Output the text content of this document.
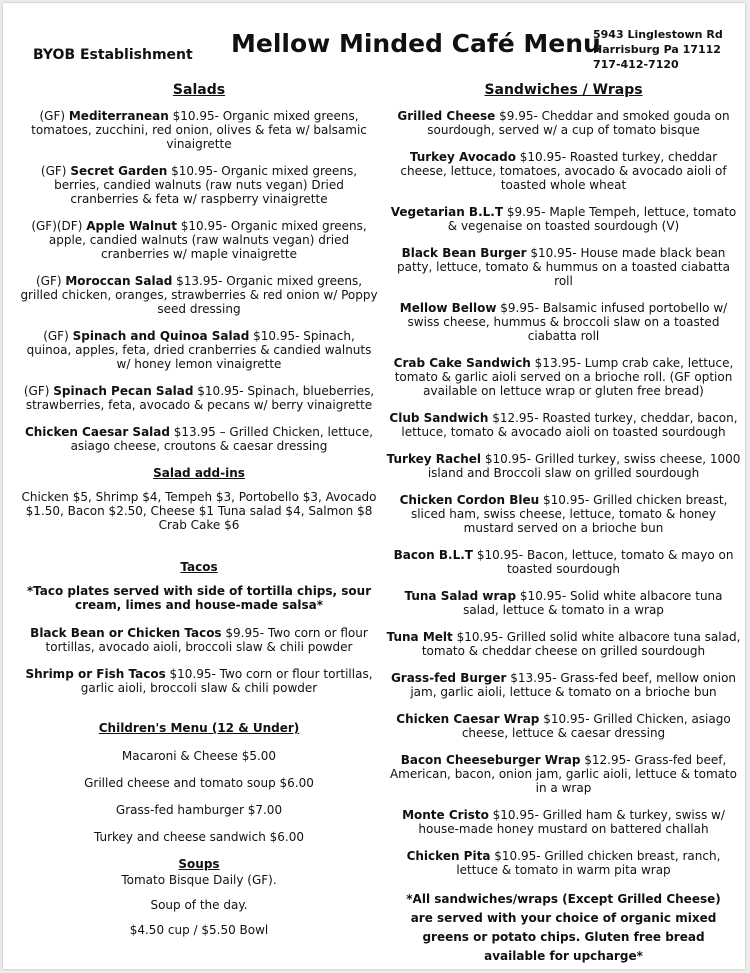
BYOB Establishment Mellow Minded Café Menu
5943 Linglestown Rd
Harrisburg Pa 17112
717-412-7120
Salads
(GF) Mediterranean $10.95- Organic mixed greens, tomatoes, zucchini, red onion, olives & feta w/ balsamic vinaigrette
(GF) Secret Garden $10.95- Organic mixed greens, berries, candied walnuts (raw nuts vegan) Dried cranberries & feta w/ raspberry vinaigrette
(GF)(DF) Apple Walnut $10.95- Organic mixed greens, apple, candied walnuts (raw walnuts vegan) dried cranberries w/ maple vinaigrette
(GF) Moroccan Salad $13.95- Organic mixed greens, grilled chicken, oranges, strawberries & red onion w/ Poppy seed dressing
(GF) Spinach and Quinoa Salad $10.95- Spinach, quinoa, apples, feta, dried cranberries & candied walnuts w/ honey lemon vinaigrette
(GF) Spinach Pecan Salad $10.95- Spinach, blueberries, strawberries, feta, avocado & pecans w/ berry vinaigrette
Chicken Caesar Salad $13.95 – Grilled Chicken, lettuce, asiago cheese, croutons & caesar dressing
Salad add-ins
Chicken $5, Shrimp $4, Tempeh $3, Portobello $3, Avocado $1.50, Bacon $2.50, Cheese $1 Tuna salad $4, Salmon $8 Crab Cake $6
Tacos
*Taco plates served with side of tortilla chips, sour cream, limes and house-made salsa*
Black Bean or Chicken Tacos $9.95- Two corn or flour tortillas, avocado aioli, broccoli slaw & chili powder
Shrimp or Fish Tacos $10.95- Two corn or flour tortillas, garlic aioli, broccoli slaw & chili powder
Children's Menu (12 & Under)
Macaroni & Cheese $5.00
Grilled cheese and tomato soup $6.00
Grass-fed hamburger $7.00
Turkey and cheese sandwich $6.00
Soups
Tomato Bisque Daily (GF).
Soup of the day.
$4.50 cup / $5.50 Bowl
Sandwiches / Wraps
Grilled Cheese $9.95- Cheddar and smoked gouda on sourdough, served w/ a cup of tomato bisque
Turkey Avocado $10.95- Roasted turkey, cheddar cheese, lettuce, tomatoes, avocado & avocado aioli of toasted whole wheat
Vegetarian B.L.T $9.95- Maple Tempeh, lettuce, tomato & vegenaise on toasted sourdough (V)
Black Bean Burger $10.95- House made black bean patty, lettuce, tomato & hummus on a toasted ciabatta roll
Mellow Bellow $9.95- Balsamic infused portobello w/ swiss cheese, hummus & broccoli slaw on a toasted ciabatta roll
Crab Cake Sandwich $13.95- Lump crab cake, lettuce, tomato & garlic aioli served on a brioche roll. (GF option available on lettuce wrap or gluten free bread)
Club Sandwich $12.95- Roasted turkey, cheddar, bacon, lettuce, tomato & avocado aioli on toasted sourdough
Turkey Rachel $10.95- Grilled turkey, swiss cheese, 1000 island and Broccoli slaw on grilled sourdough
Chicken Cordon Bleu $10.95- Grilled chicken breast, sliced ham, swiss cheese, lettuce, tomato & honey mustard served on a brioche bun
Bacon B.L.T $10.95- Bacon, lettuce, tomato & mayo on toasted sourdough
Tuna Salad wrap $10.95- Solid white albacore tuna salad, lettuce & tomato in a wrap
Tuna Melt $10.95- Grilled solid white albacore tuna salad, tomato & cheddar cheese on grilled sourdough
Grass-fed Burger $13.95- Grass-fed beef, mellow onion jam, garlic aioli, lettuce & tomato on a brioche bun
Chicken Caesar Wrap $10.95- Grilled Chicken, asiago cheese, lettuce & caesar dressing
Bacon Cheeseburger Wrap $12.95- Grass-fed beef, American, bacon, onion jam, garlic aioli, lettuce & tomato in a wrap
Monte Cristo $10.95- Grilled ham & turkey, swiss w/ house-made honey mustard on battered challah
Chicken Pita $10.95- Grilled chicken breast, ranch, lettuce & tomato in warm pita wrap
*All sandwiches/wraps (Except Grilled Cheese) are served with your choice of organic mixed greens or potato chips. Gluten free bread available for upcharge*
